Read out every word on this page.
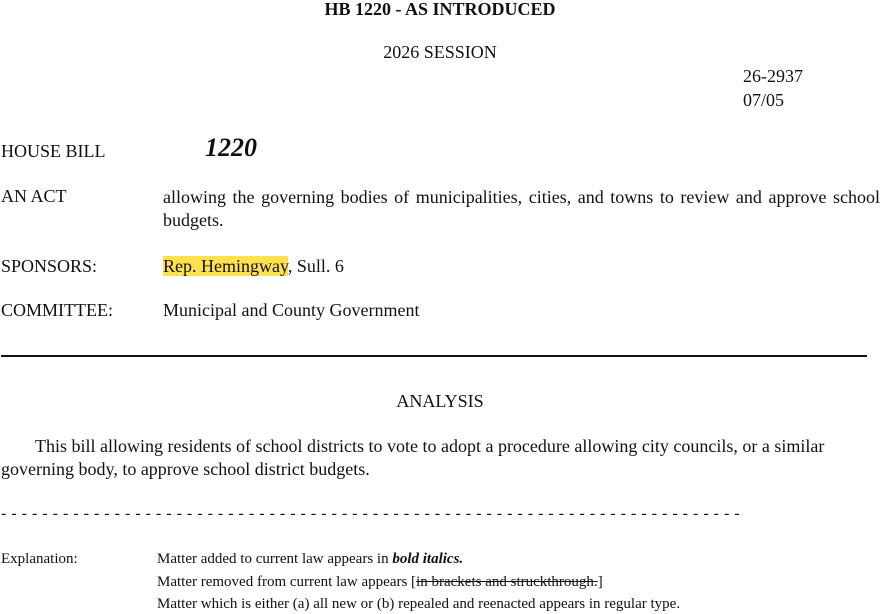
HB 1220 - AS INTRODUCED
2026 SESSION
26-2937
07/05
HOUSE BILL	1220
AN ACT	allowing the governing bodies of municipalities, cities, and towns to review and approve school budgets.
SPONSORS:	Rep. Hemingway, Sull. 6
COMMITTEE:	Municipal and County Government
ANALYSIS

This bill allowing residents of school districts to vote to adopt a procedure allowing city councils, or a similar governing body, to approve school district budgets.

- - - - - - - - - - - - - - - - - - - - - - - - - - - - - - - - - - - - - - - - - - - - - - - - - - - - - - - - - - - - - - - - - - - - - - - -
Explanation:	Matter added to current law appears in bold italics.
Matter removed from current law appears [in brackets and struckthrough.]
Matter which is either (a) all new or (b) repealed and reenacted appears in regular type.
